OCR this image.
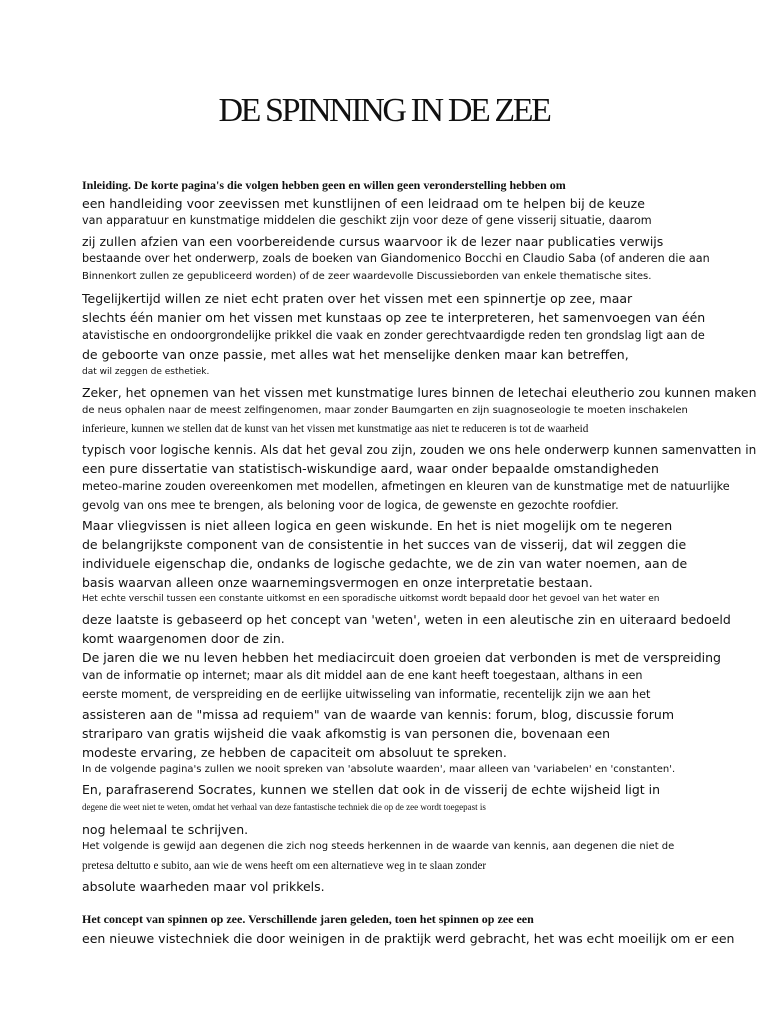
DE SPINNING IN DE ZEE

Inleiding. De korte pagina's die volgen hebben geen en willen geen veronderstelling hebben om

een handleiding voor zeevissen met kunstlijnen of een leidraad om te helpen bij de keuze

van apparatuur en kunstmatige middelen die geschikt zijn voor deze of gene visserij situatie, daarom

zij zullen afzien van een voorbereidende cursus waarvoor ik de lezer naar publicaties verwijs

bestaande over het onderwerp, zoals de boeken van Giandomenico Bocchi en Claudio Saba (of anderen die aan

Binnenkort zullen ze gepubliceerd worden) of de zeer waardevolle Discussieborden van enkele thematische sites.

Tegelijkertijd willen ze niet echt praten over het vissen met een spinnertje op zee, maar

slechts één manier om het vissen met kunstaas op zee te interpreteren, het samenvoegen van één

atavistische en ondoorgrondelijke prikkel die vaak en zonder gerechtvaardigde reden ten grondslag ligt aan de

de geboorte van onze passie, met alles wat het menselijke denken maar kan betreffen,

dat wil zeggen de esthetiek.

Zeker, het opnemen van het vissen met kunstmatige lures binnen de letechai eleutherio zou kunnen maken

de neus ophalen naar de meest zelfingenomen, maar zonder Baumgarten en zijn suagnoseologie te moeten inschakelen

inferieure, kunnen we stellen dat de kunst van het vissen met kunstmatige aas niet te reduceren is tot de waarheid

typisch voor logische kennis. Als dat het geval zou zijn, zouden we ons hele onderwerp kunnen samenvatten in

een pure dissertatie van statistisch-wiskundige aard, waar onder bepaalde omstandigheden

meteo-marine zouden overeenkomen met modellen, afmetingen en kleuren van de kunstmatige met de natuurlijke

gevolg van ons mee te brengen, als beloning voor de logica, de gewenste en gezochte roofdier.

Maar vliegvissen is niet alleen logica en geen wiskunde. En het is niet mogelijk om te negeren

de belangrijkste component van de consistentie in het succes van de visserij, dat wil zeggen die

individuele eigenschap die, ondanks de logische gedachte, we de zin van water noemen, aan de

basis waarvan alleen onze waarnemingsvermogen en onze interpretatie bestaan.

Het echte verschil tussen een constante uitkomst en een sporadische uitkomst wordt bepaald door het gevoel van het water en

deze laatste is gebaseerd op het concept van 'weten', weten in een aleutische zin en uiteraard bedoeld

komt waargenomen door de zin.

De jaren die we nu leven hebben het mediacircuit doen groeien dat verbonden is met de verspreiding

van de informatie op internet; maar als dit middel aan de ene kant heeft toegestaan, althans in een

eerste moment, de verspreiding en de eerlijke uitwisseling van informatie, recentelijk zijn we aan het

assisteren aan de "missa ad requiem" van de waarde van kennis: forum, blog, discussie forum

strariparo van gratis wijsheid die vaak afkomstig is van personen die, bovenaan een

modeste ervaring, ze hebben de capaciteit om absoluut te spreken.

In de volgende pagina's zullen we nooit spreken van 'absolute waarden', maar alleen van 'variabelen' en 'constanten'.

En, parafraserend Socrates, kunnen we stellen dat ook in de visserij de echte wijsheid ligt in

degene die weet niet te weten, omdat het verhaal van deze fantastische techniek die op de zee wordt toegepast is

nog helemaal te schrijven.

Het volgende is gewijd aan degenen die zich nog steeds herkennen in de waarde van kennis, aan degenen die niet de

pretesa deltutto e subito, aan wie de wens heeft om een alternatieve weg in te slaan zonder

absolute waarheden maar vol prikkels.

Het concept van spinnen op zee. Verschillende jaren geleden, toen het spinnen op zee een

een nieuwe vistechniek die door weinigen in de praktijk werd gebracht, het was echt moeilijk om er een
